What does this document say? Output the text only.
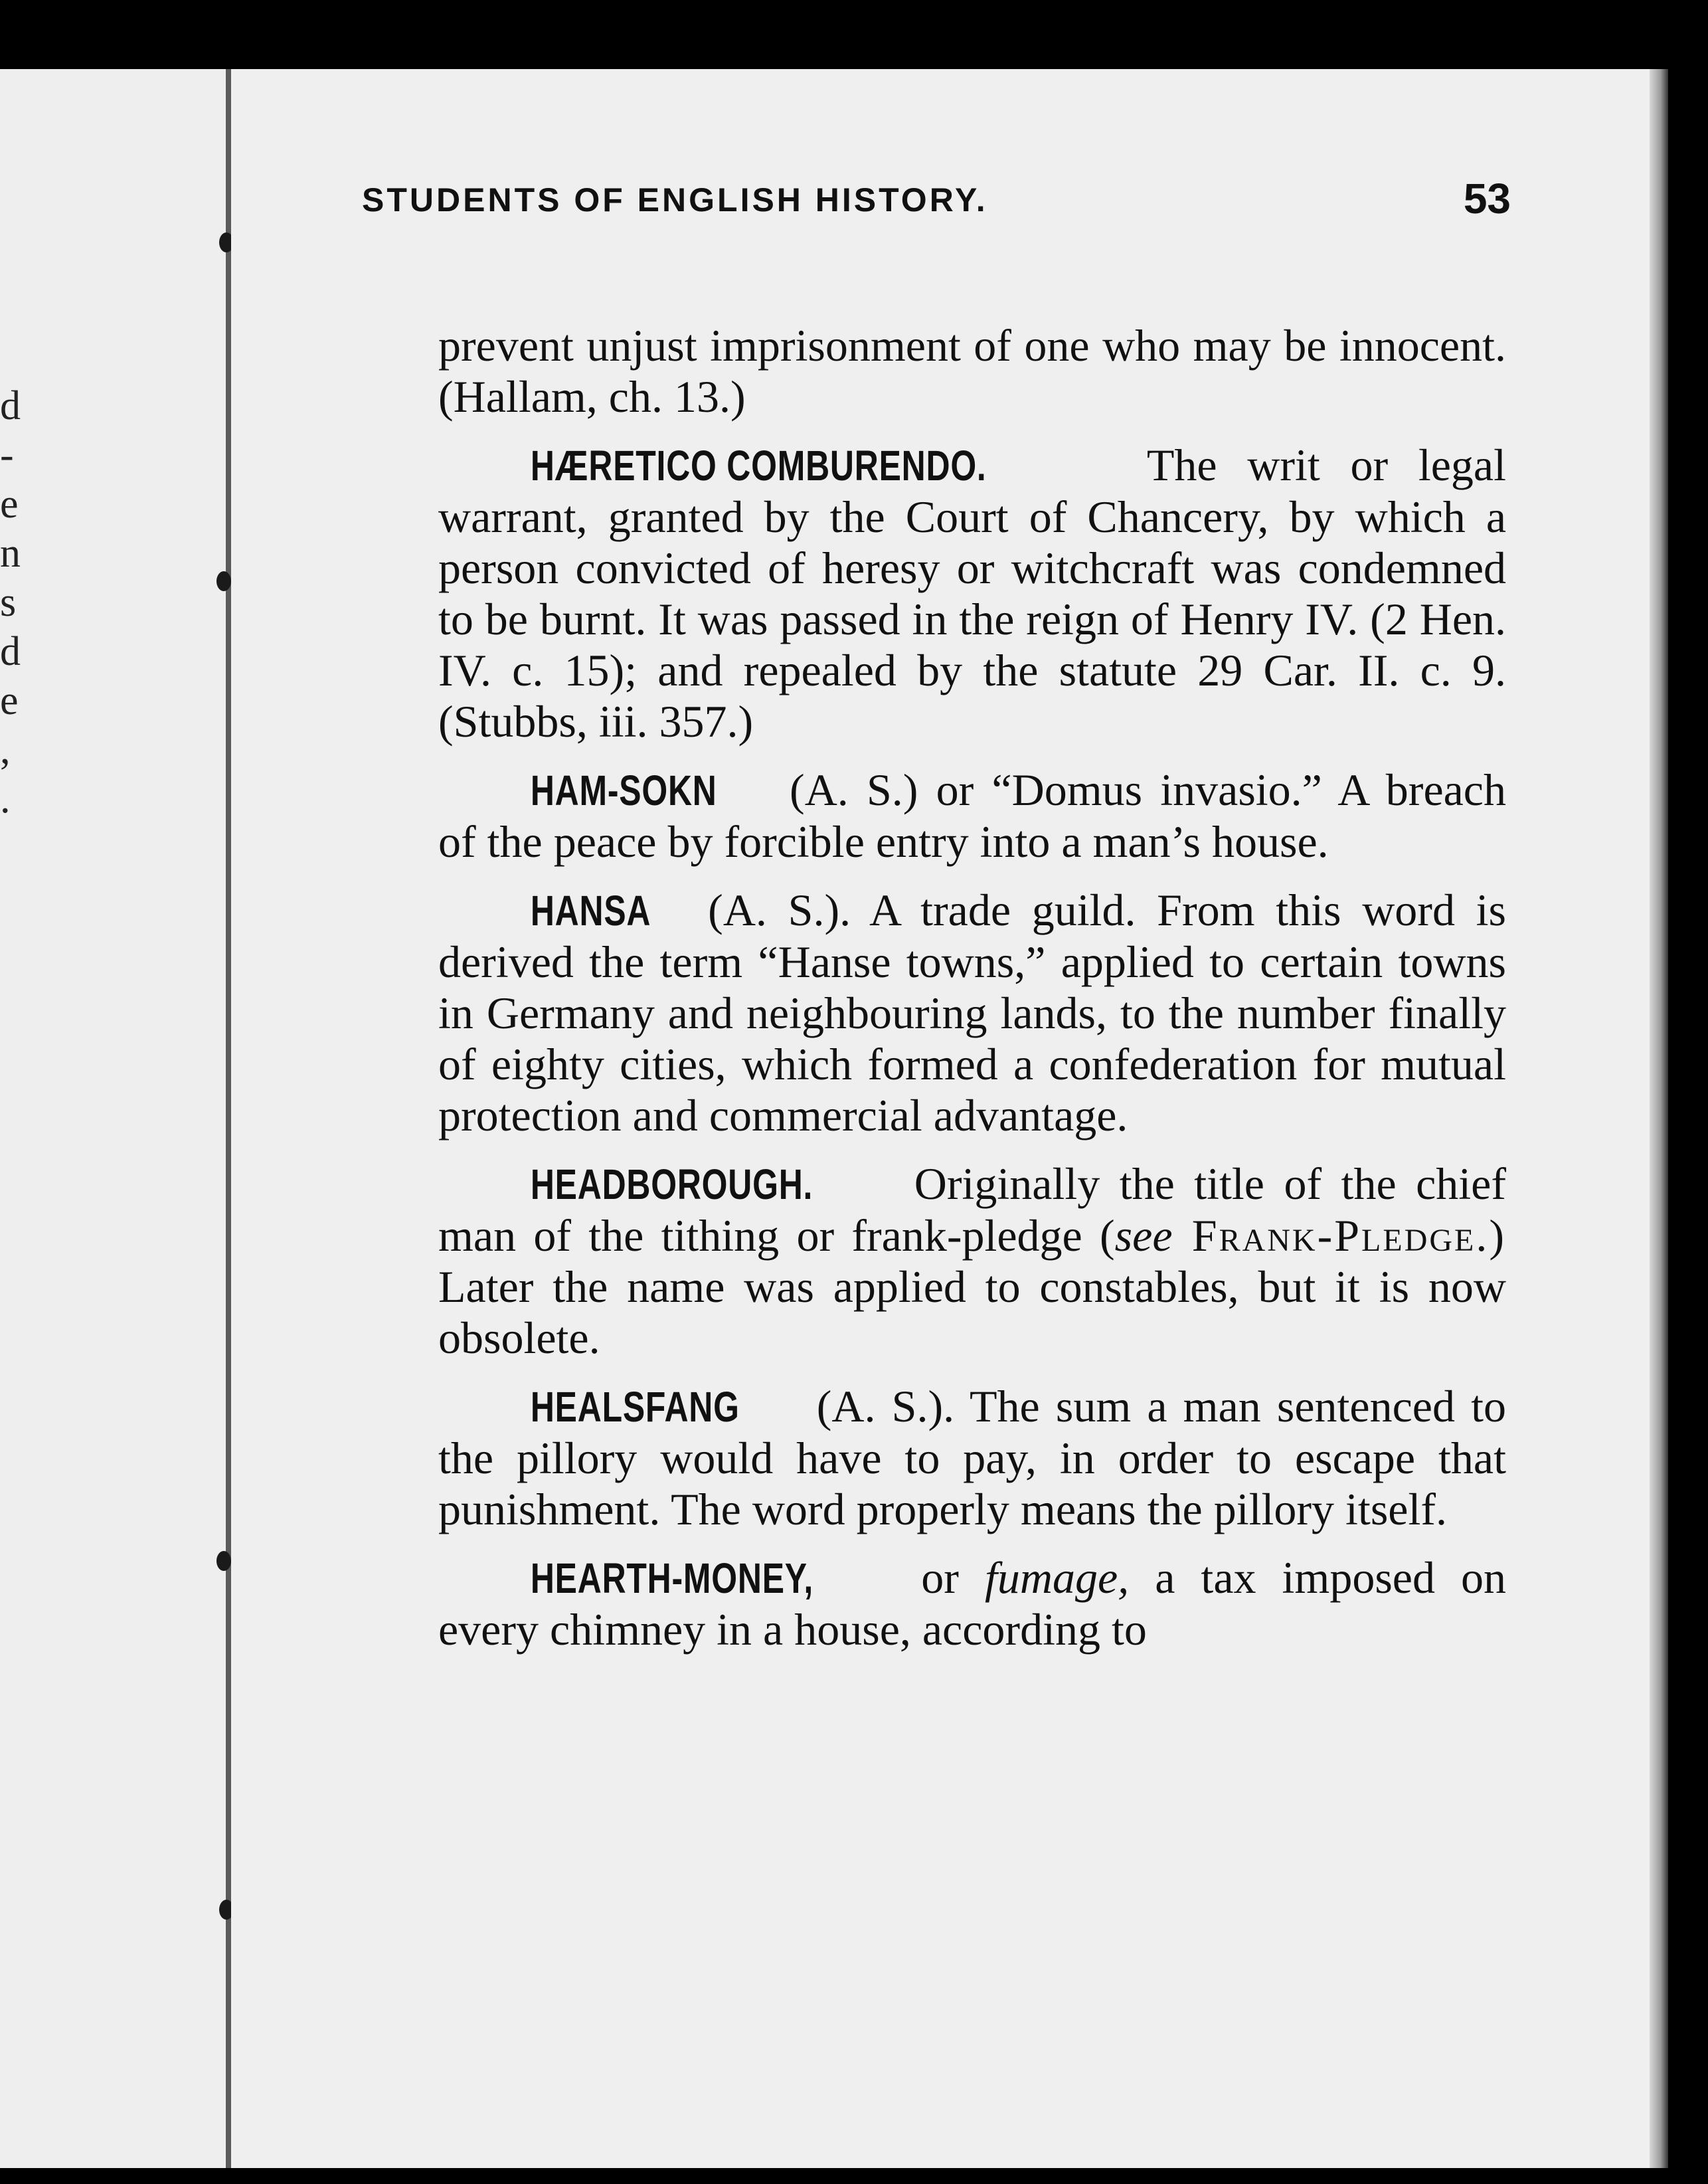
d
-
e
n
s
d
e
,
.
STUDENTS OF ENGLISH HISTORY.	53

prevent unjust imprisonment of one who may be innocent. (Hallam, ch. 13.)

HÆRETICO COMBURENDO.	The writ or legal warrant, granted by the Court of Chancery, by which a person convicted of heresy or witchcraft was condemned to be burnt. It was passed in the reign of Henry IV. (2 Hen. IV. c. 15); and repealed by the statute 29 Car. II. c. 9. (Stubbs, iii. 357.)

HAM-SOKN (A. S.) or “Domus invasio.” A breach of the peace by forcible entry into a man’s house.

HANSA (A. S.). A trade guild. From this word is derived the term “Hanse towns,” applied to certain towns in Germany and neighbouring lands, to the number finally of eighty cities, which formed a confederation for mutual protection and commercial advantage.

HEADBOROUGH. Originally the title of the chief man of the tithing or frank-pledge (see Frank-Pledge.) Later the name was applied to constables, but it is now obsolete.

HEALSFANG (A. S.). The sum a man sentenced to the pillory would have to pay, in order to escape that punishment. The word properly means the pillory itself.

HEARTH-MONEY, or fumage, a tax imposed on every chimney in a house, according to
